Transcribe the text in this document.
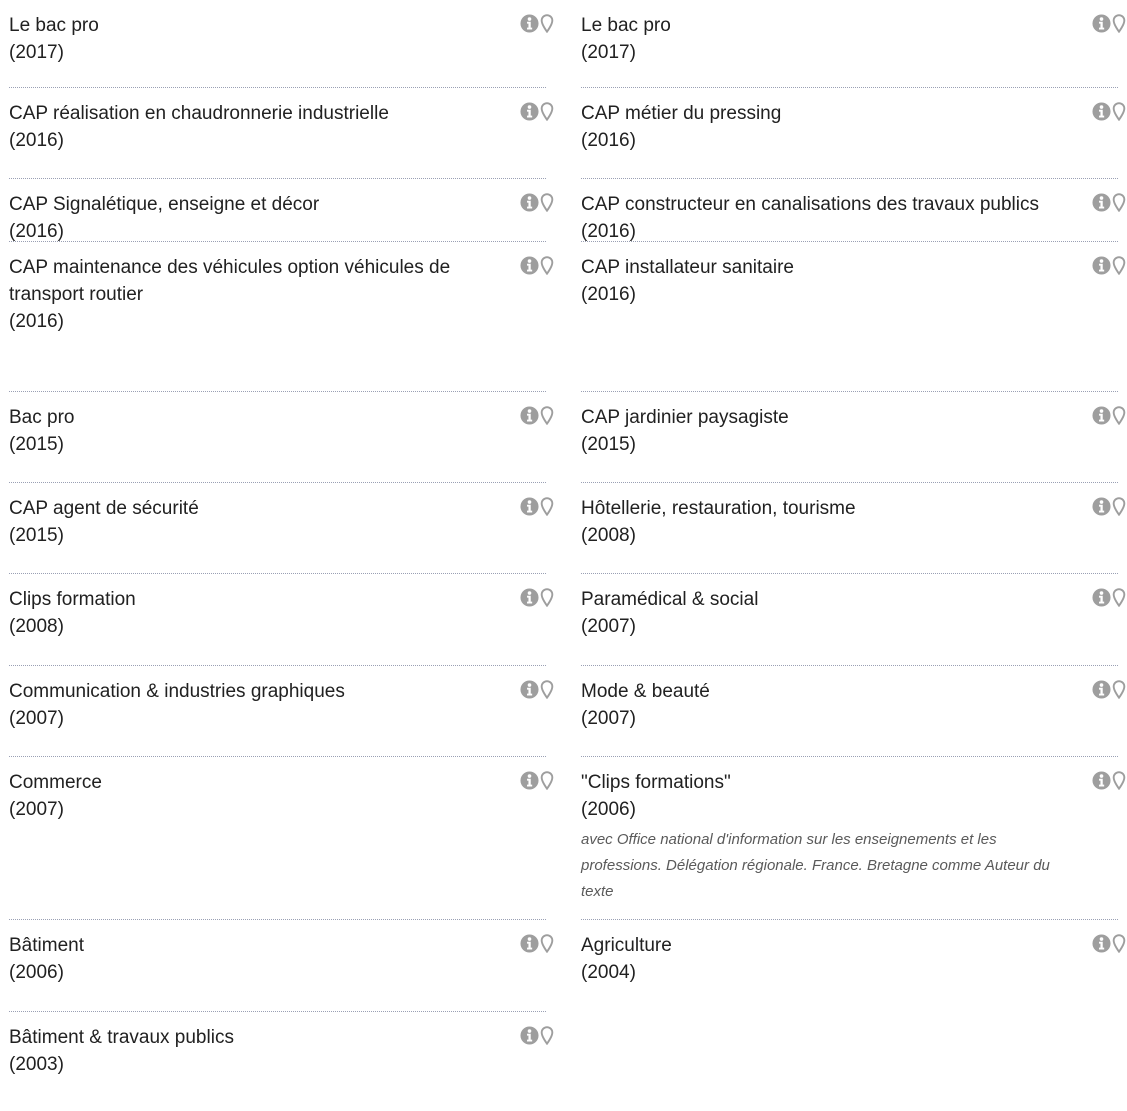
Le bac pro
(2017)
CAP réalisation en chaudronnerie industrielle
(2016)
CAP Signalétique, enseigne et décor
(2016)
CAP maintenance des véhicules option véhicules de transport routier
(2016)
Bac pro
(2015)
CAP agent de sécurité
(2015)
Clips formation
(2008)
Communication & industries graphiques
(2007)
Commerce
(2007)
Bâtiment
(2006)
Bâtiment & travaux publics
(2003)
Le bac pro
(2017)
CAP métier du pressing
(2016)
CAP constructeur en canalisations des travaux publics
(2016)
CAP installateur sanitaire
(2016)
CAP jardinier paysagiste
(2015)
Hôtellerie, restauration, tourisme
(2008)
Paramédical & social
(2007)
Mode & beauté
(2007)
"Clips formations"
(2006)
avec Office national d'information sur les enseignements et les professions. Délégation régionale. France. Bretagne comme Auteur du texte
Agriculture
(2004)
